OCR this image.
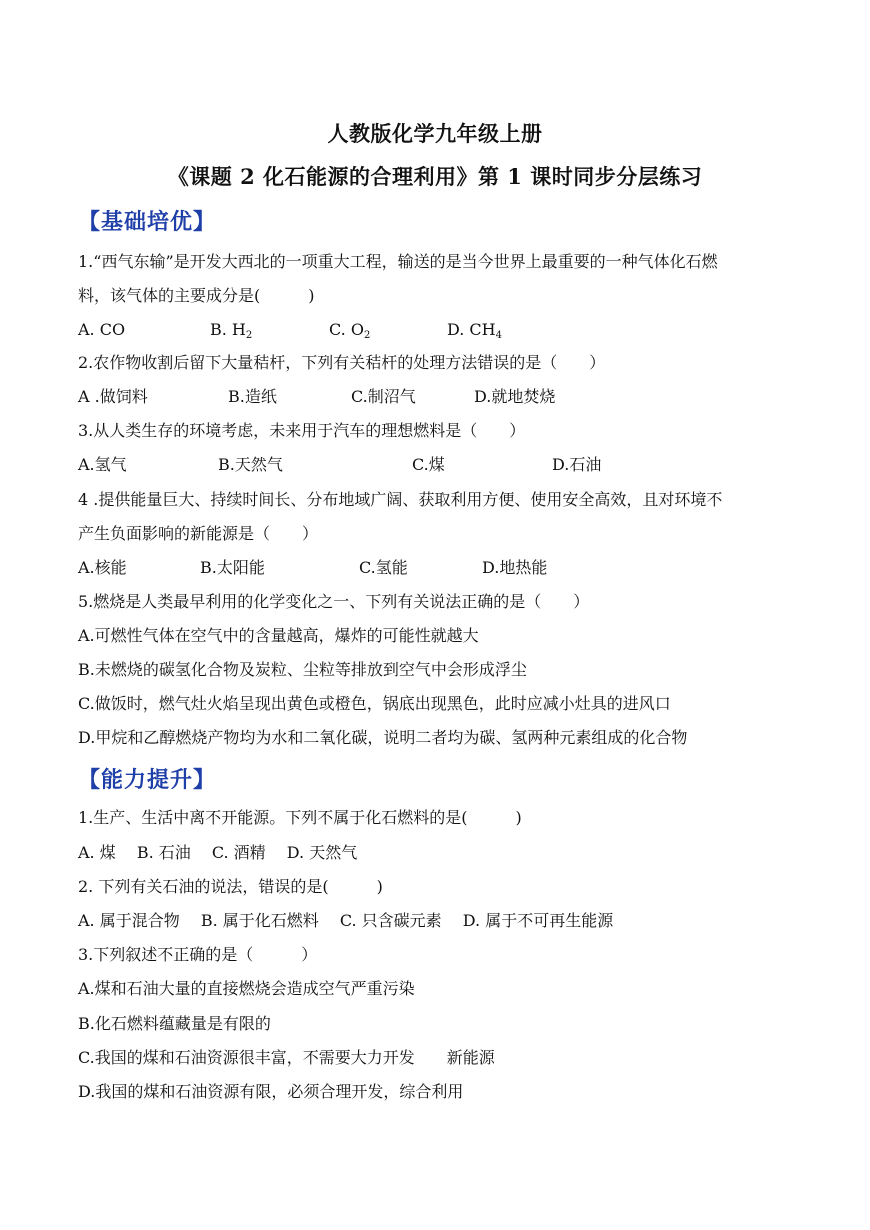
人教版化学九年级上册
《课题 2 化石能源的合理利用》第 1 课时同步分层练习
【基础培优】
1.“西气东输”是开发大西北的一项重大工程，输送的是当今世界上最重要的一种气体化石燃
料，该气体的主要成分是(　　　)
A. CO	B. $H_2$	C. $O_2$	D. $CH_4$
2.农作物收割后留下大量秸杆，下列有关秸杆的处理方法错误的是（　　）
A .做饲料	B.造纸	C.制沼气	D.就地焚烧
3.从人类生存的环境考虑，未来用于汽车的理想燃料是（　　）
A.氢气	B.天然气	C.煤	D.石油
4 .提供能量巨大、持续时间长、分布地域广阔、获取利用方便、使用安全高效，且对环境不
产生负面影响的新能源是（　　）
A.核能	B.太阳能	C.氢能	D.地热能
5.燃烧是人类最早利用的化学变化之一、下列有关说法正确的是（　　）
A.可燃性气体在空气中的含量越高，爆炸的可能性就越大
B.未燃烧的碳氢化合物及炭粒、尘粒等排放到空气中会形成浮尘
C.做饭时，燃气灶火焰呈现出黄色或橙色，锅底出现黑色，此时应减小灶具的进风口
D.甲烷和乙醇燃烧产物均为水和二氧化碳，说明二者均为碳、氢两种元素组成的化合物
【能力提升】
1.生产、生活中离不开能源。下列不属于化石燃料的是(　　　)
A. 煤　 B. 石油　 C. 酒精　 D. 天然气
2. 下列有关石油的说法，错误的是(　　　)
A. 属于混合物　 B. 属于化石燃料　 C. 只含碳元素　 D. 属于不可再生能源
3.下列叙述不正确的是（　　　）
A.煤和石油大量的直接燃烧会造成空气严重污染
B.化石燃料蕴藏量是有限的
C.我国的煤和石油资源很丰富，不需要大力开发　　新能源
D.我国的煤和石油资源有限，必须合理开发，综合利用
